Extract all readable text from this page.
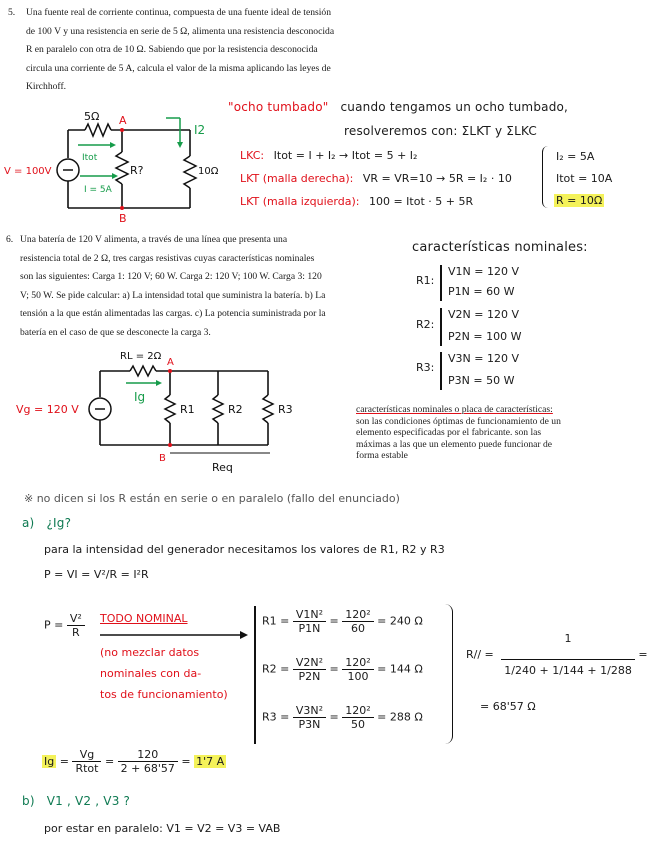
5. Una fuente real de corriente continua, compuesta de una fuente ideal de tensión
de 100 V y una resistencia en serie de 5 Ω, alimenta una resistencia desconocida
R en paralelo con otra de 10 Ω. Sabiendo que por la resistencia desconocida
circula una corriente de 5 A, calcula el valor de la misma aplicando las leyes de
Kirchhoff.
5Ω A
B
V = 100V
Itot
R?	10Ω
I2
I = 5A
"ocho tumbado" cuando tengamos un ocho tumbado,
resolveremos con: ΣLKT y ΣLKC
LKC: Itot = I + I₂ → Itot = 5 + I₂
LKT (malla derecha): VR = VR=10 → 5R = I₂ · 10
LKT (malla izquierda): 100 = Itot · 5 + 5R
I₂ = 5A
Itot = 10A
R = 10Ω
6. Una batería de 120 V alimenta, a través de una línea que presenta una
resistencia total de 2 Ω, tres cargas resistivas cuyas características nominales
son las siguientes: Carga 1: 120 V; 60 W. Carga 2: 120 V; 100 W. Carga 3: 120
V; 50 W. Se pide calcular: a) La intensidad total que suministra la batería. b) La
tensión a la que están alimentadas las cargas. c) La potencia suministrada por la
batería en el caso de que se desconecte la carga 3.
RL = 2Ω
A
B
Vg = 120 V
Ig
R1	R2	R3
Req
características nominales:
R1:
V1N = 120 V
P1N = 60 W
R2:
V2N = 120 V
P2N = 100 W
R3:
V3N = 120 V
P3N = 50 W
características nominales o placa de características:
son las condiciones óptimas de funcionamiento de un
elemento especificadas por el fabricante. son las
máximas a las que un elemento puede funcionar de
forma estable
※ no dicen si los R están en serie o en paralelo (fallo del enunciado)
a) ¿Ig?
para la intensidad del generador necesitamos los valores de R1, R2 y R3
P = VI = V²/R = I²R
$P = \frac{\text{V²}}{R}$ TODO NOMINAL
(no mezclar datos
nominales con da-
tos de funcionamiento)
$R1 = \frac{\text{V1N²}}{P1N} = \frac{\text{120²}}{60} = 240$ Ω
$R2 = \frac{\text{V2N²}}{P2N} = \frac{\text{120²}}{100} = 144$ Ω
$R3 = \frac{\text{V3N²}}{P3N} = \frac{\text{120²}}{50} = 288$ Ω
$R// = \frac{1}{1/240 + 1/144 + 1/288}$ =
= 68'57 Ω
$Ig = \frac{Vg}{\text{Rtot}} = \frac{120}{2 + 68'57} = 1'7$ A
b) V1 , V2 , V3 ?
por estar en paralelo: V1 = V2 = V3 = VAB
